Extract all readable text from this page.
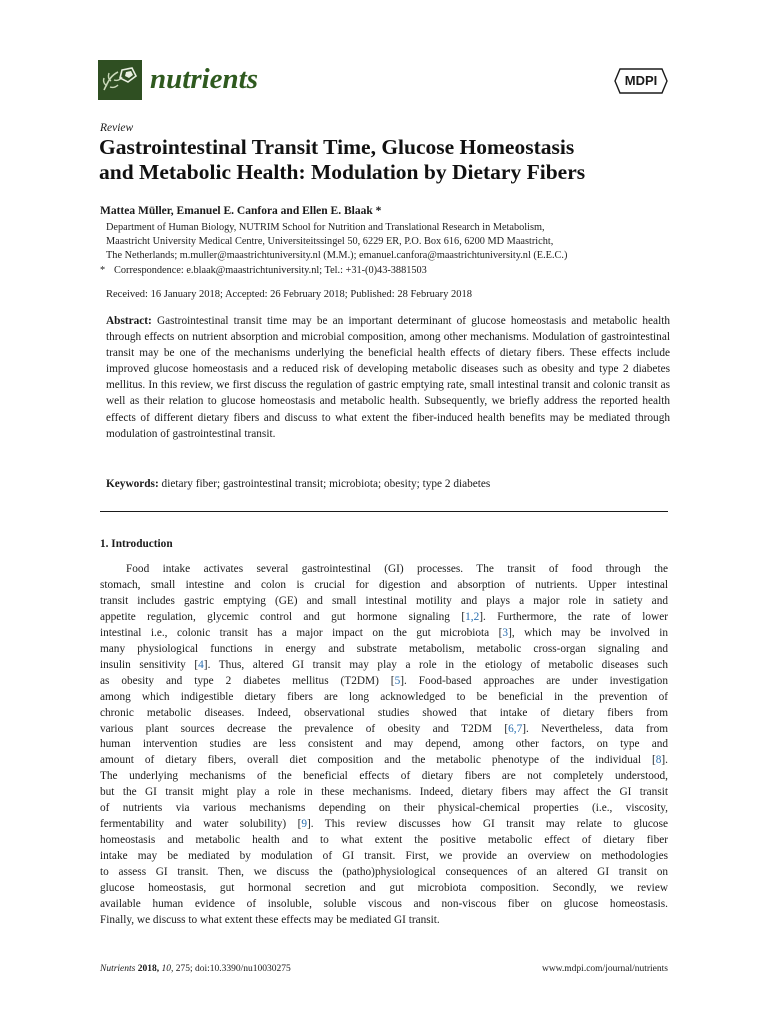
nutrients	MDPI
Review
Gastrointestinal Transit Time, Glucose Homeostasis
and Metabolic Health: Modulation by Dietary Fibers
Mattea Müller, Emanuel E. Canfora and Ellen E. Blaak *
Department of Human Biology, NUTRIM School for Nutrition and Translational Research in Metabolism,
Maastricht University Medical Centre, Universiteitssingel 50, 6229 ER, P.O. Box 616, 6200 MD Maastricht,
The Netherlands; m.muller@maastrichtuniversity.nl (M.M.); emanuel.canfora@maastrichtuniversity.nl (E.E.C.)
* Correspondence: e.blaak@maastrichtuniversity.nl; Tel.: +31-(0)43-3881503
Received: 16 January 2018; Accepted: 26 February 2018; Published: 28 February 2018
Abstract: Gastrointestinal transit time may be an important determinant of glucose homeostasis and metabolic health through effects on nutrient absorption and microbial composition, among other mechanisms. Modulation of gastrointestinal transit may be one of the mechanisms underlying the beneficial health effects of dietary fibers. These effects include improved glucose homeostasis and a reduced risk of developing metabolic diseases such as obesity and type 2 diabetes mellitus. In this review, we first discuss the regulation of gastric emptying rate, small intestinal transit and colonic transit as well as their relation to glucose homeostasis and metabolic health. Subsequently, we briefly address the reported health effects of different dietary fibers and discuss to what extent the fiber-induced health benefits may be mediated through modulation of gastrointestinal transit.
Keywords: dietary fiber; gastrointestinal transit; microbiota; obesity; type 2 diabetes
1. Introduction
Food intake activates several gastrointestinal (GI) processes. The transit of food through the
stomach, small intestine and colon is crucial for digestion and absorption of nutrients. Upper intestinal
transit includes gastric emptying (GE) and small intestinal motility and plays a major role in satiety and
appetite regulation, glycemic control and gut hormone signaling [1,2]. Furthermore, the rate of lower
intestinal i.e., colonic transit has a major impact on the gut microbiota [3], which may be involved in
many physiological functions in energy and substrate metabolism, metabolic cross-organ signaling and
insulin sensitivity [4]. Thus, altered GI transit may play a role in the etiology of metabolic diseases such
as obesity and type 2 diabetes mellitus (T2DM) [5]. Food-based approaches are under investigation
among which indigestible dietary fibers are long acknowledged to be beneficial in the prevention of
chronic metabolic diseases. Indeed, observational studies showed that intake of dietary fibers from
various plant sources decrease the prevalence of obesity and T2DM [6,7]. Nevertheless, data from
human intervention studies are less consistent and may depend, among other factors, on type and
amount of dietary fibers, overall diet composition and the metabolic phenotype of the individual [8].
The underlying mechanisms of the beneficial effects of dietary fibers are not completely understood,
but the GI transit might play a role in these mechanisms. Indeed, dietary fibers may affect the GI transit
of nutrients via various mechanisms depending on their physical-chemical properties (i.e., viscosity,
fermentability and water solubility) [9]. This review discusses how GI transit may relate to glucose
homeostasis and metabolic health and to what extent the positive metabolic effect of dietary fiber
intake may be mediated by modulation of GI transit. First, we provide an overview on methodologies
to assess GI transit. Then, we discuss the (patho)physiological consequences of an altered GI transit on
glucose homeostasis, gut hormonal secretion and gut microbiota composition. Secondly, we review
available human evidence of insoluble, soluble viscous and non-viscous fiber on glucose homeostasis.
Finally, we discuss to what extent these effects may be mediated GI transit.
Nutrients 2018, 10, 275; doi:10.3390/nu10030275	www.mdpi.com/journal/nutrients
